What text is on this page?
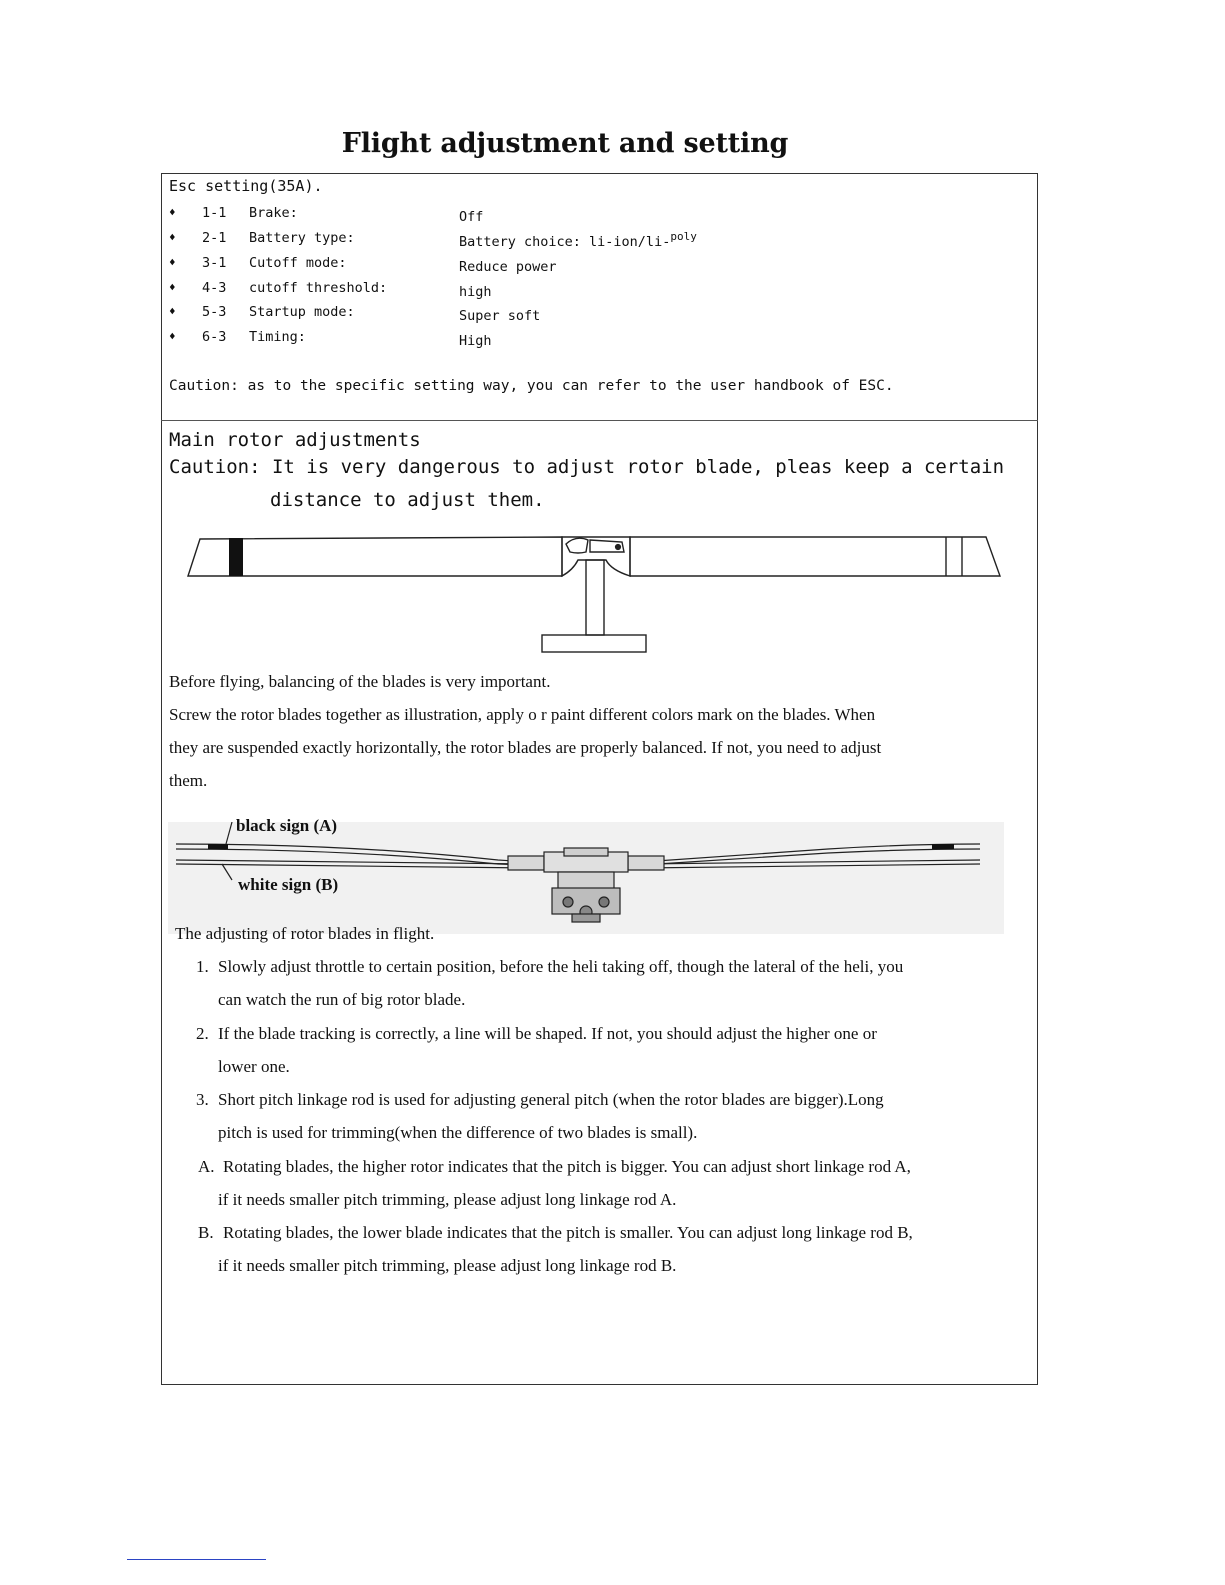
Flight adjustment and setting
Esc setting(35A).
♦ 1-1 Brake:	Off
♦ 2-1 Battery type:	Battery choice: li-ion/li-$^{poly}$
♦ 3-1 Cutoff mode:	Reduce power
♦ 4-3 cutoff threshold:	high
♦ 5-3 Startup mode:	Super soft
♦ 6-3 Timing:	High
Caution: as to the specific setting way, you can refer to the user handbook of ESC.
Main rotor adjustments
Caution: It is very dangerous to adjust rotor blade, pleas keep a certain
distance to adjust them.
Before flying, balancing of the blades is very important.
Screw the rotor blades together as illustration, apply o r paint different colors mark on the blades. When
they are suspended exactly horizontally, the rotor blades are properly balanced. If not, you need to adjust
them.
black sign (A)
white sign (B)
The adjusting of rotor blades in flight.
1. Slowly adjust throttle to certain position, before the heli taking off, though the lateral of the heli, you
can watch the run of big rotor blade.
2. If the blade tracking is correctly, a line will be shaped. If not, you should adjust the higher one or
lower one.
3. Short pitch linkage rod is used for adjusting general pitch (when the rotor blades are bigger).Long
pitch is used for trimming(when the difference of two blades is small).
A. Rotating blades, the higher rotor indicates that the pitch is bigger. You can adjust short linkage rod A,
if it needs smaller pitch trimming, please adjust long linkage rod A.
B. Rotating blades, the lower blade indicates that the pitch is smaller. You can adjust long linkage rod B,
if it needs smaller pitch trimming, please adjust long linkage rod B.
